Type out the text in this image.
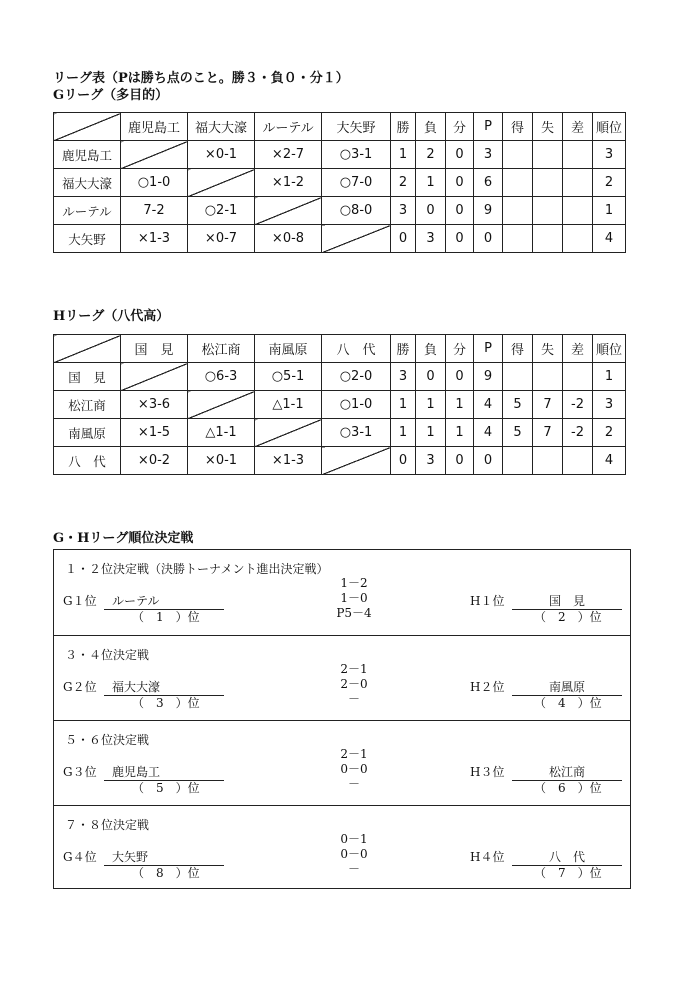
リーグ表（Pは勝ち点のこと。勝３・負０・分１）
Gリーグ（多目的）
	鹿児島工	福大大濠	ルーテル	大矢野	勝	負	分	P	得	失	差	順位
鹿児島工		×0-1	×2-7	○3-1	1	2	0	3				3
福大大濠	○1-0		×1-2	○7-0	2	1	0	6				2
ルーテル	7-2	○2-1		○8-0	3	0	0	9				1
大矢野	×1-3	×0-7	×0-8		0	3	0	0				4
Hリーグ（八代高）
	国　見	松江商	南風原	八　代	勝	負	分	P	得	失	差	順位
国　見		○6-3	○5-1	○2-0	3	0	0	9				1
松江商	×3-6		△1-1	○1-0	1	1	1	4	5	7	-2	3
南風原	×1-5	△1-1		○3-1	1	1	1	4	5	7	-2	2
八　代	×0-2	×0-1	×1-3		0	3	0	0				4
G・Hリーグ順位決定戦
１・２位決定戦（決勝トーナメント進出決定戦）
G１位	ルーテル
（　1　）位
H１位	国　見
（　2　）位
1－2
1－0
P5－4
３・４位決定戦
G２位	福大大濠
（　3　）位
H２位	南風原
（　4　）位
2－1
2－0
－
５・６位決定戦
G３位	鹿児島工
（　5　）位
H３位	松江商
（　6　）位
2－1
0－0
－
７・８位決定戦
G４位	大矢野
（　8　）位
H４位	八　代
（　7　）位
0－1
0－0
－
